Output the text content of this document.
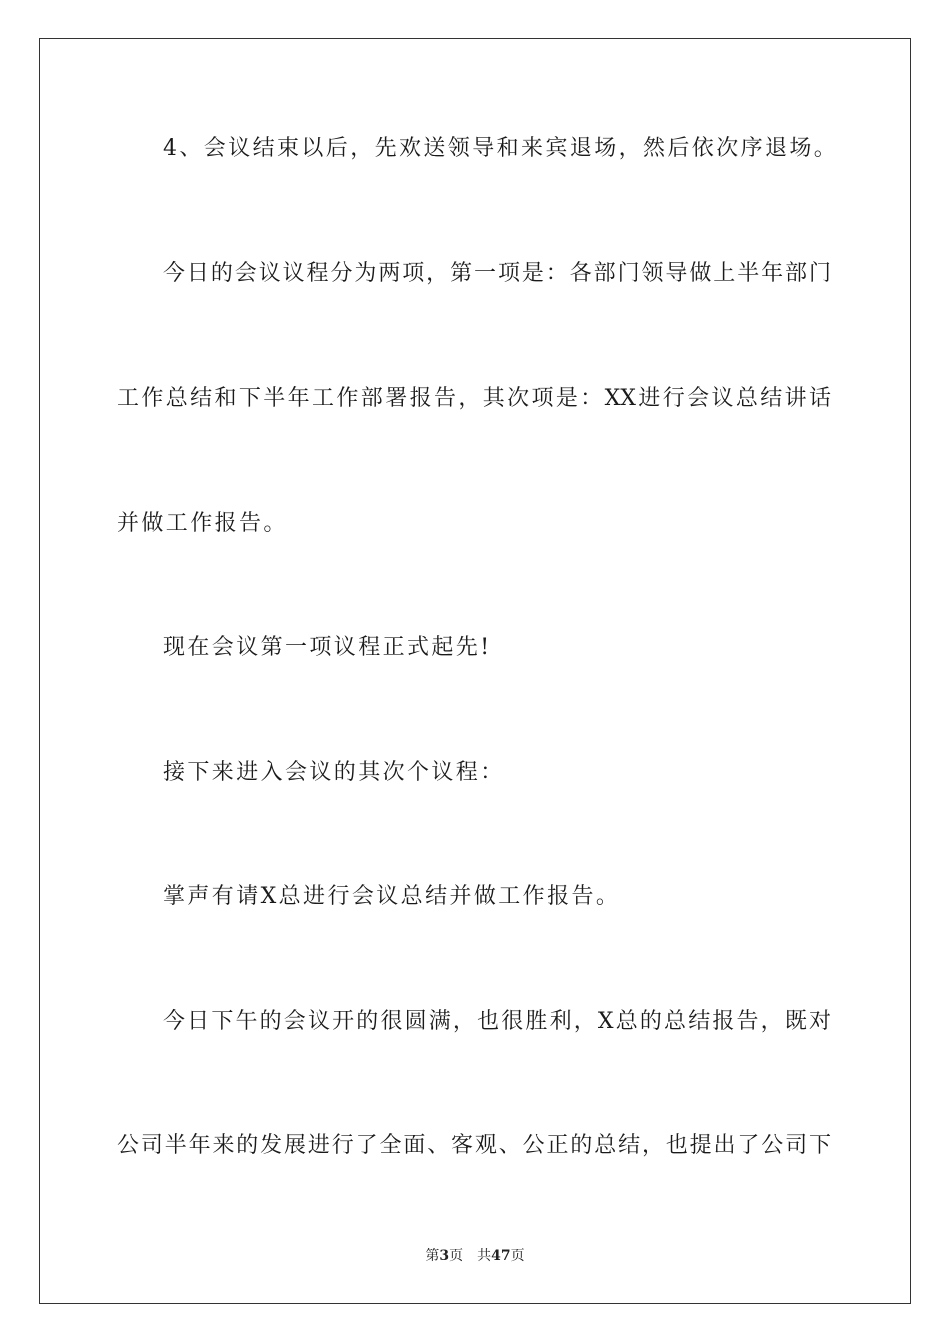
4、会议结束以后，先欢送领导和来宾退场，然后依次序退场。
今日的会议议程分为两项，第一项是：各部门领导做上半年部门
工作总结和下半年工作部署报告，其次项是：XX进行会议总结讲话
并做工作报告。
现在会议第一项议程正式起先!
接下来进入会议的其次个议程：
掌声有请X总进行会议总结并做工作报告。
今日下午的会议开的很圆满，也很胜利，X总的总结报告，既对
公司半年来的发展进行了全面、客观、公正的总结，也提出了公司下
第3页 共47页
